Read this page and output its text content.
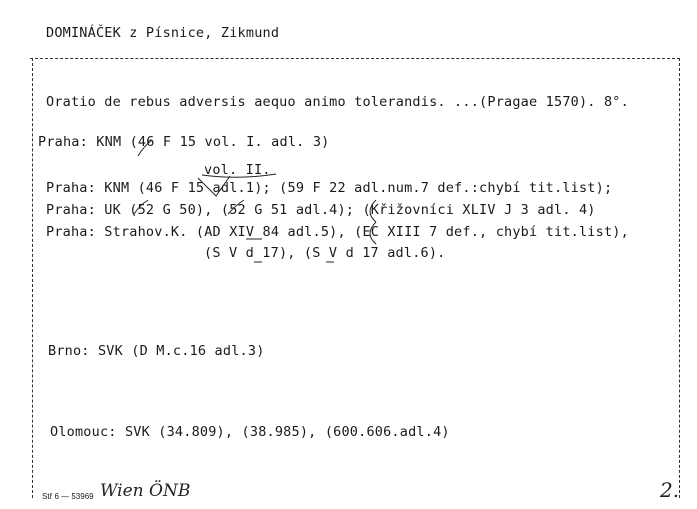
DOMINÁČEK z Písnice, Zikmund
Oratio de rebus adversis aequo animo tolerandis. ...(Pragae 1570). 8°.
Praha: KNM (46 F 15 vol. I. adl. 3)
vol. II.
Praha: KNM (46 F 15 adl.1); (59 F 22 adl.num.7 def.:chybí tit.list);
Praha: UK (52 G 50), (52 G 51 adl.4); (Křižovníci XLIV J 3 adl. 4)
Praha: Strahov.K. (AD XIV 84 adl.5), (EC XIII 7 def., chybí tit.list),
(S V d 17), (S V d 17 adl.6).
Brno: SVK (D M.c.16 adl.3)
Olomouc: SVK (34.809), (38.985), (600.606.adl.4)
Stř 6 — 53969 Wien ÖNB	2.
